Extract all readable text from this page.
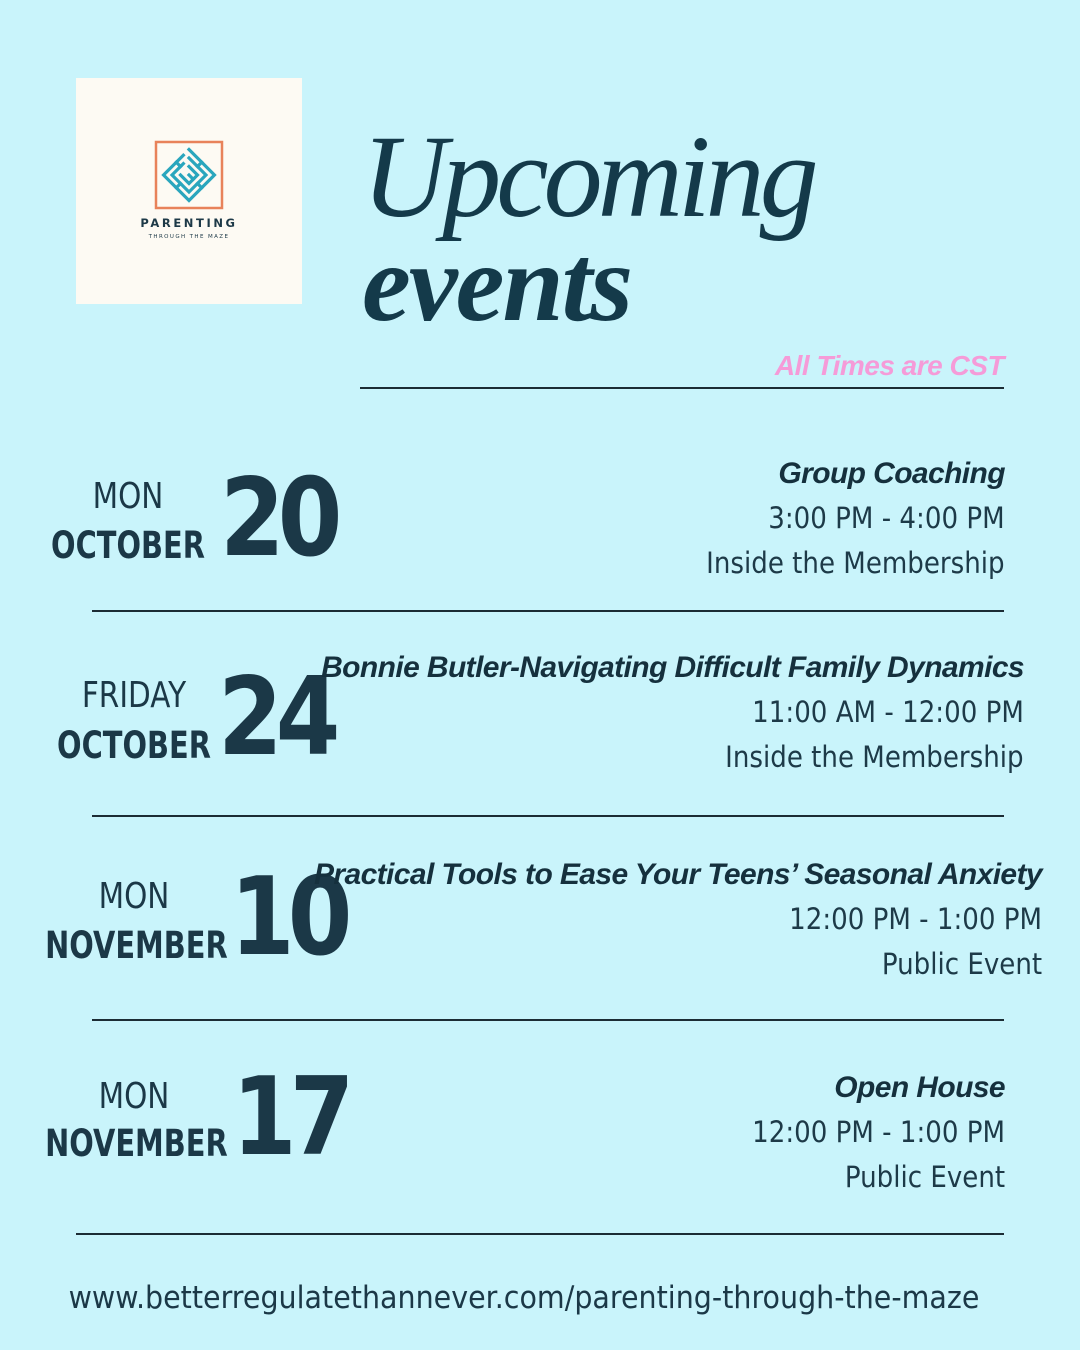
PARENTING
THROUGH THE MAZE	Upcoming
events
All Times are CST
MON
OCTOBER 20	Group Coaching
3:00 PM - 4:00 PM
Inside the Membership
FRIDAY
OCTOBER 24
Bonnie Butler-Navigating Difficult Family Dynamics
11:00 AM - 12:00 PM
Inside the Membership
MON
NOVEMBER 10
Practical Tools to Ease Your Teens’ Seasonal Anxiety
12:00 PM - 1:00 PM
Public Event
MON
NOVEMBER 17	Open House
12:00 PM - 1:00 PM
Public Event
www.betterregulatethannever.com/parenting-through-the-maze
